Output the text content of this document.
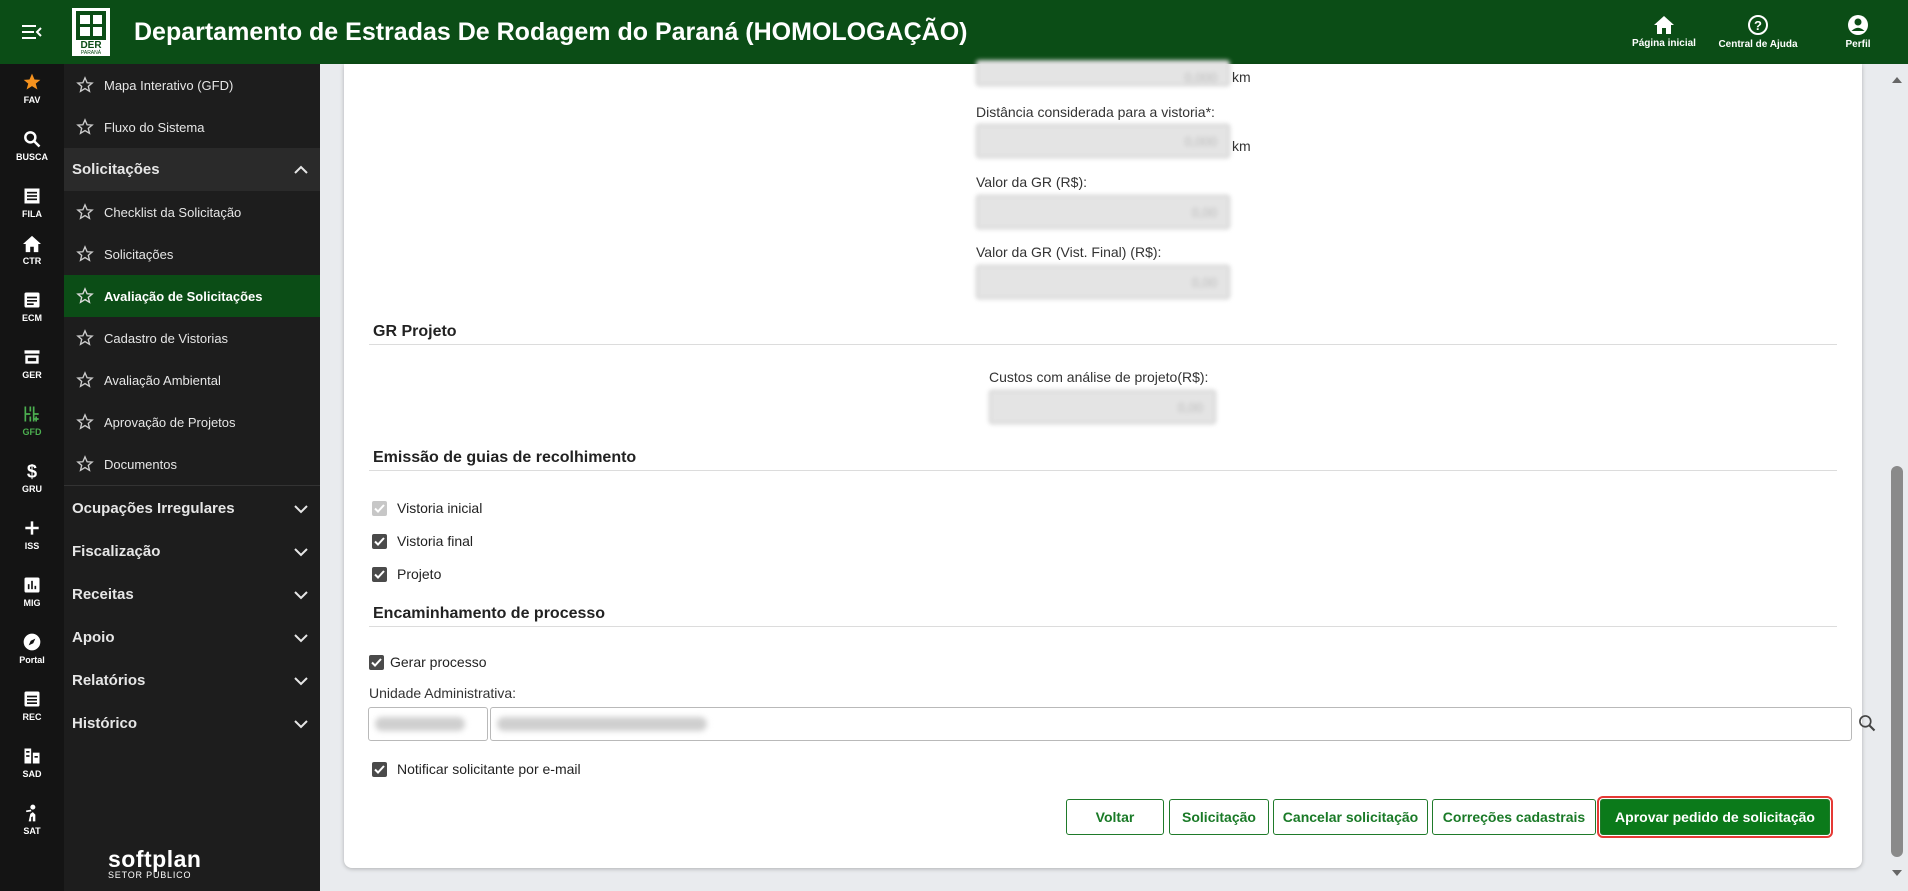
DER
PARANÁ
Departamento de Estradas De Rodagem do Paraná (HOMOLOGAÇÃO)	Página inicial
?
Central de Ajuda	Perfil
FAV
BUSCA
FILA
CTR
ECM
GER
GFD
$
GRU
ISS
MIG
Portal
REC
SAD
SAT
Mapa Interativo (GFD)
Fluxo do Sistema
Solicitações
Checklist da Solicitação
Solicitações
Avaliação de Solicitações
Cadastro de Vistorias
Avaliação Ambiental
Aprovação de Projetos
Documentos
Ocupações Irregulares
Fiscalização
Receitas
Apoio
Relatórios
Histórico
softplan
SETOR PÚBLICO
0,000	km
Distância considerada para a vistoria*:
0,000	km
Valor da GR (R$):
0,00
Valor da GR (Vist. Final) (R$):
0,00
GR Projeto
Custos com análise de projeto(R$):
0,00
Emissão de guias de recolhimento
Vistoria inicial
Vistoria final
Projeto
Encaminhamento de processo
Gerar processo
Unidade Administrativa:
Notificar solicitante por e-mail
Voltar	Solicitação	Cancelar solicitação	Correções cadastrais	Aprovar pedido de solicitação
